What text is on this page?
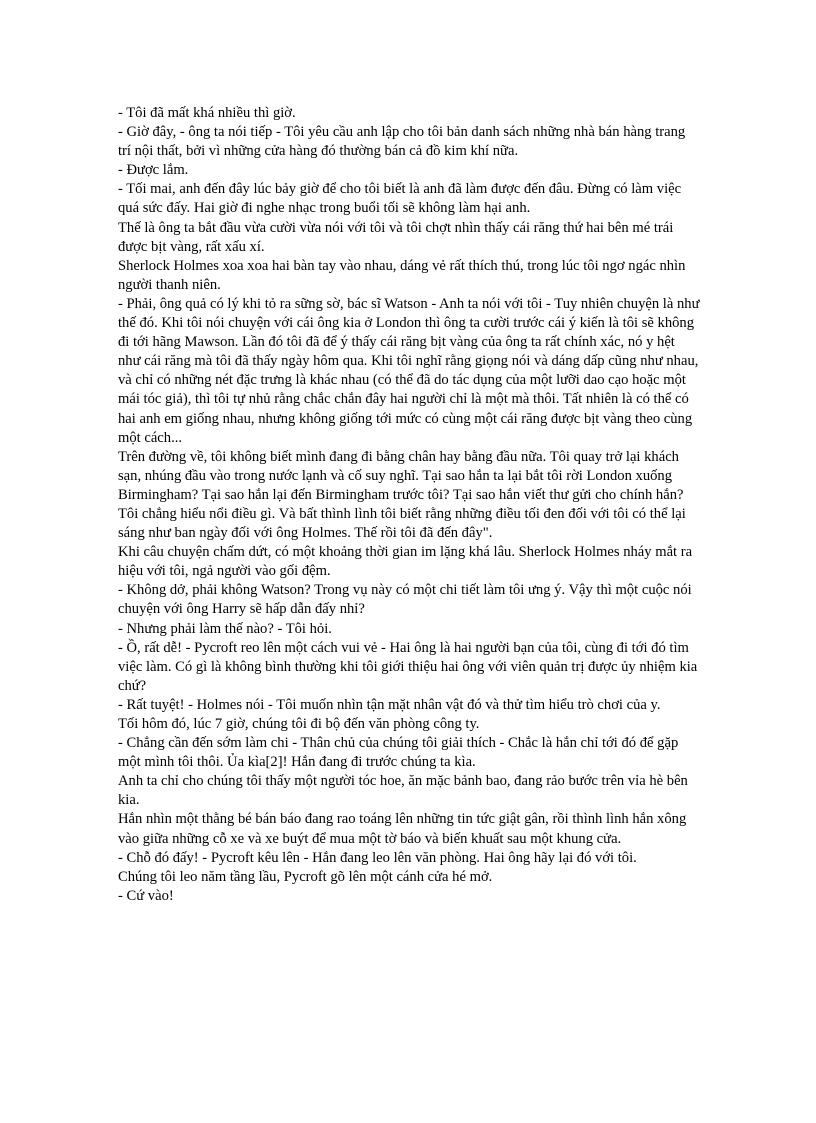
- Tôi đã mất khá nhiều thì giờ.

- Giờ đây, - ông ta nói tiếp - Tôi yêu cầu anh lập cho tôi bản danh sách những nhà bán hàng trang trí nội thất, bởi vì những cửa hàng đó thường bán cả đồ kim khí nữa.

- Được lắm.

- Tối mai, anh đến đây lúc bảy giờ để cho tôi biết là anh đã làm được đến đâu. Đừng có làm việc quá sức đấy. Hai giờ đi nghe nhạc trong buổi tối sẽ không làm hại anh.

Thế là ông ta bắt đầu vừa cười vừa nói với tôi và tôi chợt nhìn thấy cái răng thứ hai bên mé trái được bịt vàng, rất xấu xí.

Sherlock Holmes xoa xoa hai bàn tay vào nhau, dáng vẻ rất thích thú, trong lúc tôi ngơ ngác nhìn người thanh niên.

- Phải, ông quả có lý khi tỏ ra sững sờ, bác sĩ Watson - Anh ta nói với tôi - Tuy nhiên chuyện là như thế đó. Khi tôi nói chuyện với cái ông kia ở London thì ông ta cười trước cái ý kiến là tôi sẽ không đi tới hãng Mawson. Lần đó tôi đã để ý thấy cái răng bịt vàng của ông ta rất chính xác, nó y hệt như cái răng mà tôi đã thấy ngày hôm qua. Khi tôi nghĩ rằng giọng nói và dáng dấp cũng như nhau, và chỉ có những nét đặc trưng là khác nhau (có thể đã do tác dụng của một lưỡi dao cạo hoặc một mái tóc giả), thì tôi tự nhủ rằng chắc chắn đây hai người chỉ là một mà thôi. Tất nhiên là có thể có hai anh em giống nhau, nhưng không giống tới mức có cùng một cái răng được bịt vàng theo cùng một cách...

Trên đường về, tôi không biết mình đang đi bằng chân hay bằng đầu nữa. Tôi quay trở lại khách sạn, nhúng đầu vào trong nước lạnh và cố suy nghĩ. Tại sao hắn ta lại bắt tôi rời London xuống Birmingham? Tại sao hắn lại đến Birmingham trước tôi? Tại sao hắn viết thư gửi cho chính hắn? Tôi chẳng hiểu nổi điều gì. Và bất thình lình tôi biết rằng những điều tối đen đối với tôi có thể lại sáng như ban ngày đối với ông Holmes. Thế rồi tôi đã đến đây".

Khi câu chuyện chấm dứt, có một khoảng thời gian im lặng khá lâu. Sherlock Holmes nháy mắt ra hiệu với tôi, ngả người vào gối đệm.

- Không dở, phải không Watson? Trong vụ này có một chi tiết làm tôi ưng ý. Vậy thì một cuộc nói chuyện với ông Harry sẽ hấp dẫn đấy nhỉ?

- Nhưng phải làm thế nào? - Tôi hỏi.

- Ồ, rất dễ! - Pycroft reo lên một cách vui vẻ - Hai ông là hai người bạn của tôi, cùng đi tới đó tìm việc làm. Có gì là không bình thường khi tôi giới thiệu hai ông với viên quản trị được ủy nhiệm kia chứ?

- Rất tuyệt! - Holmes nói - Tôi muốn nhìn tận mặt nhân vật đó và thử tìm hiểu trò chơi của y.

Tối hôm đó, lúc 7 giờ, chúng tôi đi bộ đến văn phòng công ty.

- Chẳng cần đến sớm làm chi - Thân chủ của chúng tôi giải thích - Chắc là hắn chỉ tới đó để gặp một mình tôi thôi. Ủa kìa[2]! Hắn đang đi trước chúng ta kìa.

Anh ta chỉ cho chúng tôi thấy một người tóc hoe, ăn mặc bảnh bao, đang rảo bước trên vỉa hè bên kia.

Hắn nhìn một thằng bé bán báo đang rao toáng lên những tin tức giật gân, rồi thình lình hắn xông vào giữa những cỗ xe và xe buýt để mua một tờ báo và biến khuất sau một khung cửa.

- Chỗ đó đấy! - Pycroft kêu lên - Hắn đang leo lên văn phòng. Hai ông hãy lại đó với tôi.

Chúng tôi leo năm tầng lầu, Pycroft gõ lên một cánh cửa hé mở.

- Cứ vào!
